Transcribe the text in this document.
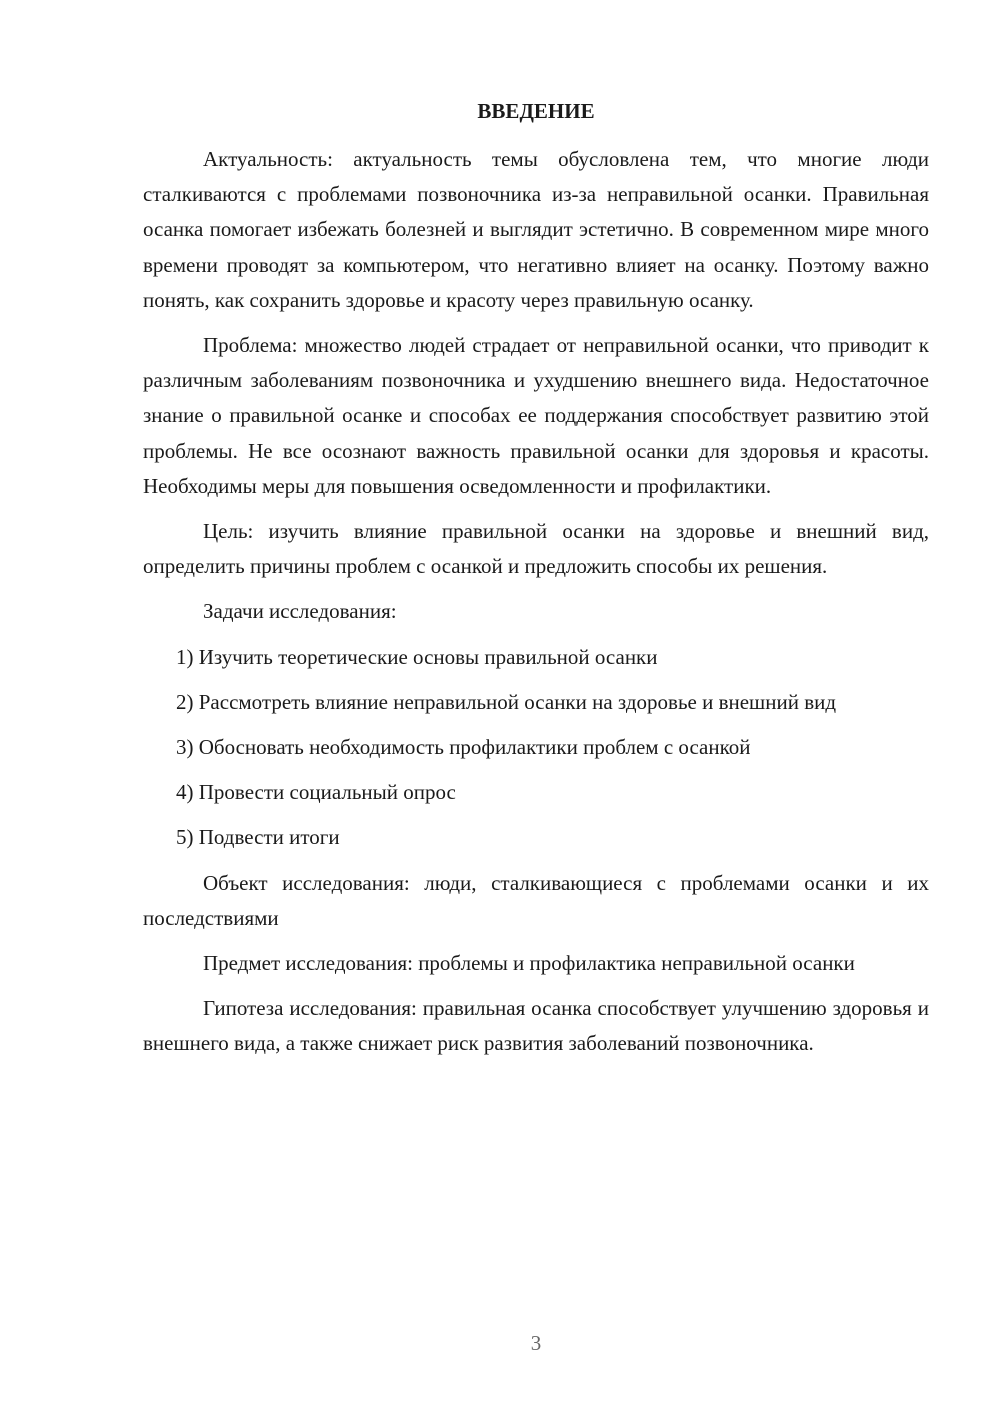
ВВЕДЕНИЕ

Актуальность: актуальность темы обусловлена тем, что многие люди сталкиваются с проблемами позвоночника из-за неправильной осанки. Правильная осанка помогает избежать болезней и выглядит эстетично. В современном мире много времени проводят за компьютером, что негативно влияет на осанку. Поэтому важно понять, как сохранить здоровье и красоту через правильную осанку.

Проблема: множество людей страдает от неправильной осанки, что приводит к различным заболеваниям позвоночника и ухудшению внешнего вида. Недостаточное знание о правильной осанке и способах ее поддержания способствует развитию этой проблемы. Не все осознают важность правильной осанки для здоровья и красоты. Необходимы меры для повышения осведомленности и профилактики.

Цель: изучить влияние правильной осанки на здоровье и внешний вид, определить причины проблем с осанкой и предложить способы их решения.

Задачи исследования:

1) Изучить теоретические основы правильной осанки

2) Рассмотреть влияние неправильной осанки на здоровье и внешний вид

3) Обосновать необходимость профилактики проблем с осанкой

4) Провести социальный опрос

5) Подвести итоги

Объект исследования: люди, сталкивающиеся с проблемами осанки и их последствиями

Предмет исследования: проблемы и профилактика неправильной осанки

Гипотеза исследования: правильная осанка способствует улучшению здоровья и внешнего вида, а также снижает риск развития заболеваний позвоночника.

3
